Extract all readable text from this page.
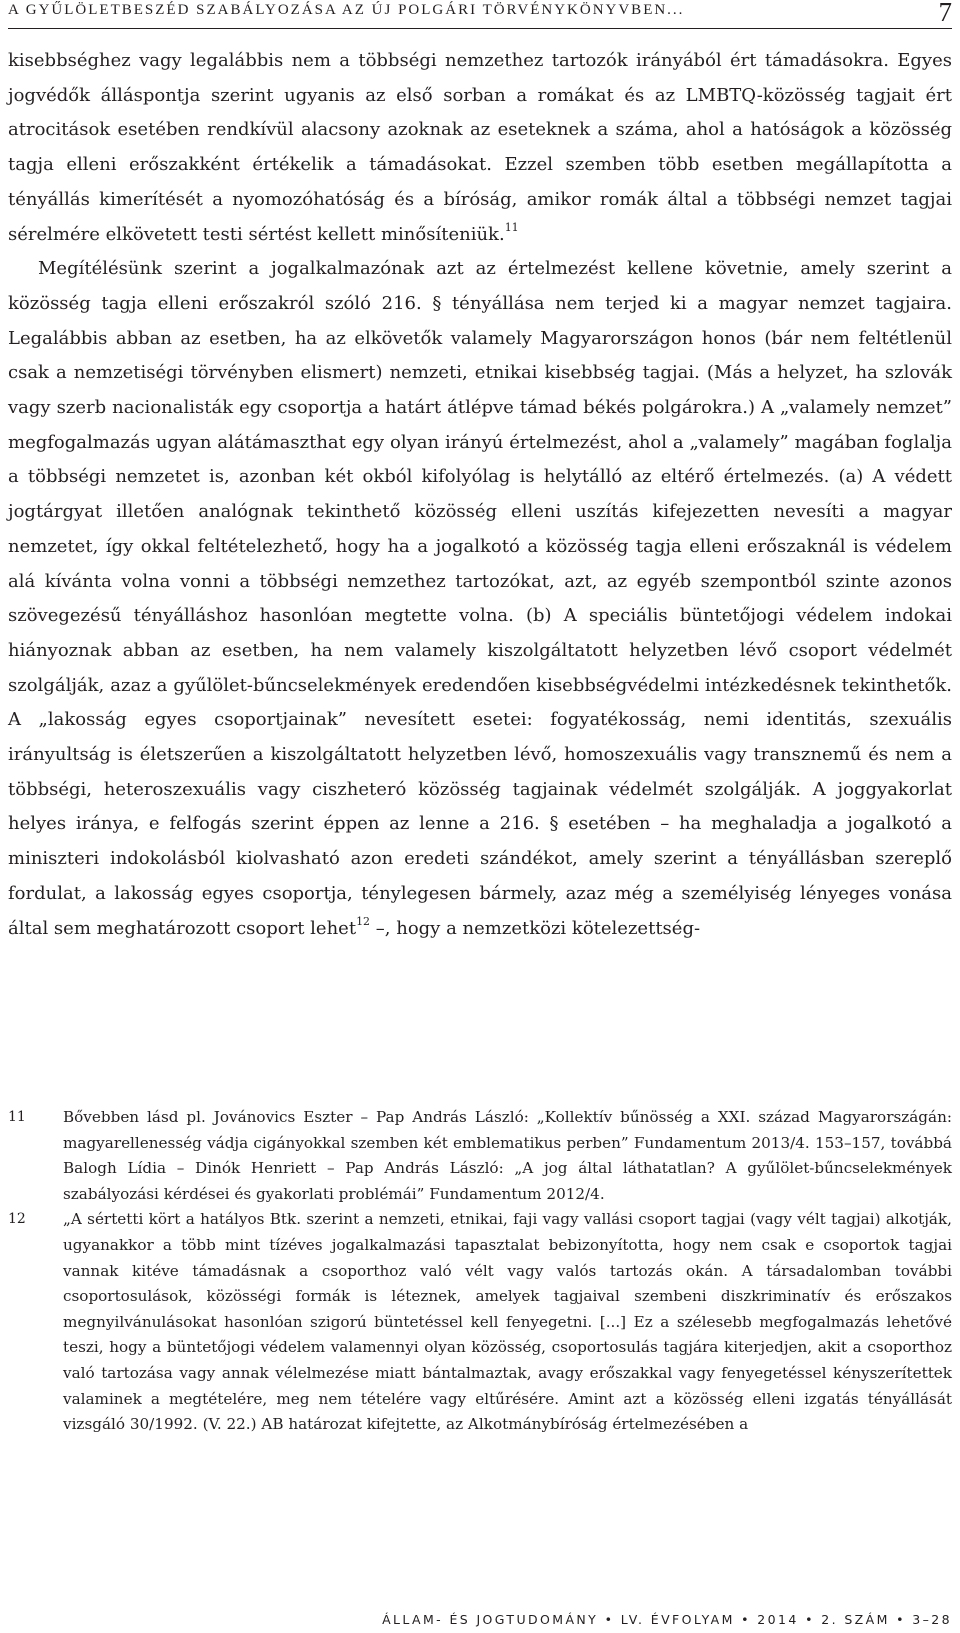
A GYŰLÖLETBESZÉD SZABÁLYOZÁSA AZ ÚJ POLGÁRI TÖRVÉNYKÖNYVBEN...	7

kisebbséghez vagy legalábbis nem a többségi nemzethez tartozók irányából ért támadásokra. Egyes jogvédők álláspontja szerint ugyanis az első sorban a romákat és az LMBTQ-közösség tagjait ért atrocitások esetében rendkívül alacsony azoknak az eseteknek a száma, ahol a hatóságok a közösség tagja elleni erőszakként értékelik a támadásokat. Ezzel szemben több esetben megállapította a tényállás kimerítését a nyomozóhatóság és a bíróság, amikor romák által a többségi nemzet tagjai sérelmére elkövetett testi sértést kellett minősíteniük.$^{11}$

Megítélésünk szerint a jogalkalmazónak azt az értelmezést kellene követnie, amely szerint a közösség tagja elleni erőszakról szóló 216. § tényállása nem terjed ki a magyar nemzet tagjaira. Legalábbis abban az esetben, ha az elkövetők valamely Magyarországon honos (bár nem feltétlenül csak a nemzetiségi törvényben elismert) nemzeti, etnikai kisebbség tagjai. (Más a helyzet, ha szlovák vagy szerb nacionalisták egy csoportja a határt átlépve támad békés polgárokra.) A „valamely nemzet” megfogalmazás ugyan alátámaszthat egy olyan irányú értelmezést, ahol a „valamely” magában foglalja a többségi nemzetet is, azonban két okból kifolyólag is helytálló az eltérő értelmezés. (a) A védett jogtárgyat illetően analógnak tekinthető közösség elleni uszítás kifejezetten nevesíti a magyar nemzetet, így okkal feltételezhető, hogy ha a jogalkotó a közösség tagja elleni erőszaknál is védelem alá kívánta volna vonni a többségi nemzethez tartozókat, azt, az egyéb szempontból szinte azonos szövegezésű tényálláshoz hasonlóan megtette volna. (b) A speciális büntetőjogi védelem indokai hiányoznak abban az esetben, ha nem valamely kiszolgáltatott helyzetben lévő csoport védelmét szolgálják, azaz a gyűlölet-bűncselekmények eredendően kisebbségvédelmi intézkedésnek tekinthetők. A „lakosság egyes csoportjainak” nevesített esetei: fogyatékosság, nemi identitás, szexuális irányultság is életszerűen a kiszolgáltatott helyzetben lévő, homoszexuális vagy transznemű és nem a többségi, heteroszexuális vagy ciszheteró közösség tagjainak védelmét szolgálják. A joggyakorlat helyes iránya, e felfogás szerint éppen az lenne a 216. § esetében – ha meghaladja a jogalkotó a miniszteri indokolásból kiolvasható azon eredeti szándékot, amely szerint a tényállásban szereplő fordulat, a lakosság egyes csoportja, ténylegesen bármely, azaz még a személyiség lényeges vonása által sem meghatározott csoport lehet$^{12}$ –, hogy a nemzetközi kötelezettség-

11 Bővebben lásd pl. Jovánovics Eszter – Pap András László: „Kollektív bűnösség a XXI. század Magyarországán: magyarellenesség vádja cigányokkal szemben két emblematikus perben” Fundamentum 2013/4. 153–157, továbbá Balogh Lídia – Dinók Henriett – Pap András László: „A jog által láthatatlan? A gyűlölet-bűncselekmények szabályozási kérdései és gyakorlati problémái” Fundamentum 2012/4.
12 „A sértetti kört a hatályos Btk. szerint a nemzeti, etnikai, faji vagy vallási csoport tagjai (vagy vélt tagjai) alkotják, ugyanakkor a több mint tízéves jogalkalmazási tapasztalat bebizonyította, hogy nem csak e csoportok tagjai vannak kitéve támadásnak a csoporthoz való vélt vagy valós tartozás okán. A társadalomban további csoportosulások, közösségi formák is léteznek, amelyek tagjaival szembeni diszkriminatív és erőszakos megnyilvánulásokat hasonlóan szigorú büntetéssel kell fenyegetni. [...] Ez a szélesebb megfogalmazás lehetővé teszi, hogy a büntetőjogi védelem valamennyi olyan közösség, csoportosulás tagjára kiterjedjen, akit a csoporthoz való tartozása vagy annak vélelmezése miatt bántalmaztak, avagy erőszakkal vagy fenyegetéssel kényszerítettek valaminek a megtételére, meg nem tételére vagy eltűrésére. Amint azt a közösség elleni izgatás tényállását vizsgáló 30/1992. (V. 22.) AB határozat kifejtette, az Alkotmánybíróság értelmezésében a
ÁLLAM- ÉS JOGTUDOMÁNY • LV. ÉVFOLYAM • 2014 • 2. SZÁM • 3–28
